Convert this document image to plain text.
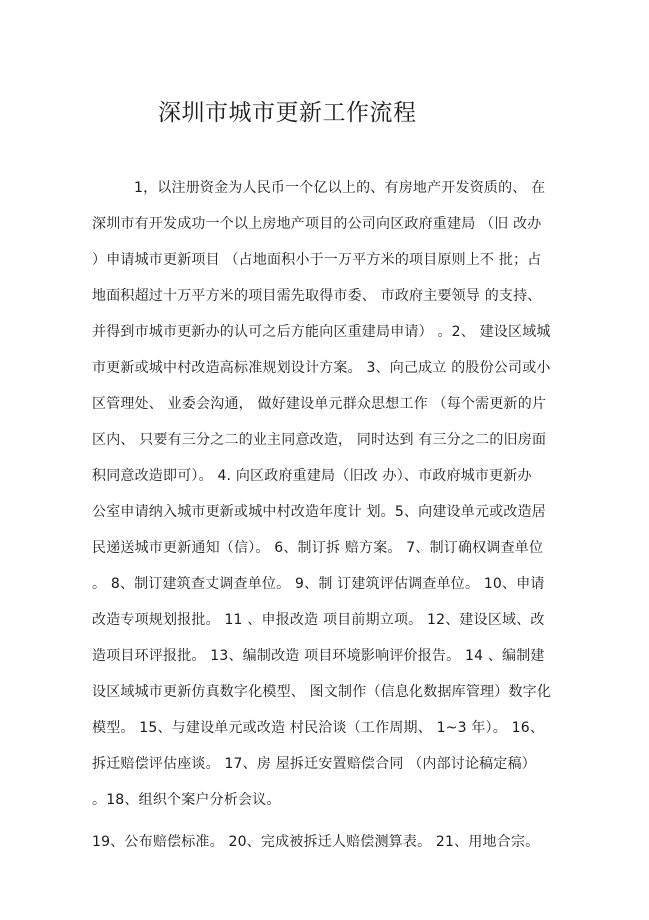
深圳市城市更新工作流程
1，以注册资金为人民币一个亿以上的、有房地产开发资质的、 在
深圳市有开发成功一个以上房地产项目的公司向区政府重建局 （旧 改办
）申请城市更新项目 （占地面积小于一万平方米的项目原则上不 批；占
地面积超过十万平方米的项目需先取得市委、 市政府主要领导 的支持、
并得到市城市更新办的认可之后方能向区重建局申请） 。2、 建设区域城
市更新或城中村改造高标准规划设计方案。 3、向己成立 的股份公司或小
区管理处、 业委会沟通， 做好建设单元群众思想工作 （每个需更新的片
区内、 只要有三分之二的业主同意改造， 同时达到 有三分之二的旧房面
积同意改造即可）。 4. 向区政府重建局（旧改 办）、市政府城市更新办
公室申请纳入城市更新或城中村改造年度计 划。5、向建设单元或改造居
民递送城市更新通知（信）。 6、制订拆 赔方案。 7、制订确权调查单位
。 8、制订建筑查丈调查单位。 9、制 订建筑评估调查单位。 10、申请
改造专项规划报批。 11 、申报改造 项目前期立项。 12、建设区域、改
造项目环评报批。 13、编制改造 项目环境影响评价报告。 14 、编制建
设区域城市更新仿真数字化模型、 图文制作（信息化数据库管理）数字化
模型。 15、与建设单元或改造 村民洽谈（工作周期、 1~3 年）。 16、
拆迁赔偿评估座谈。 17、房 屋拆迁安置赔偿合同 （内部讨论稿定稿）
。18、组织个案户分析会议。
19、公布赔偿标准。 20、完成被拆迁人赔偿测算表。 21、用地合宗。
